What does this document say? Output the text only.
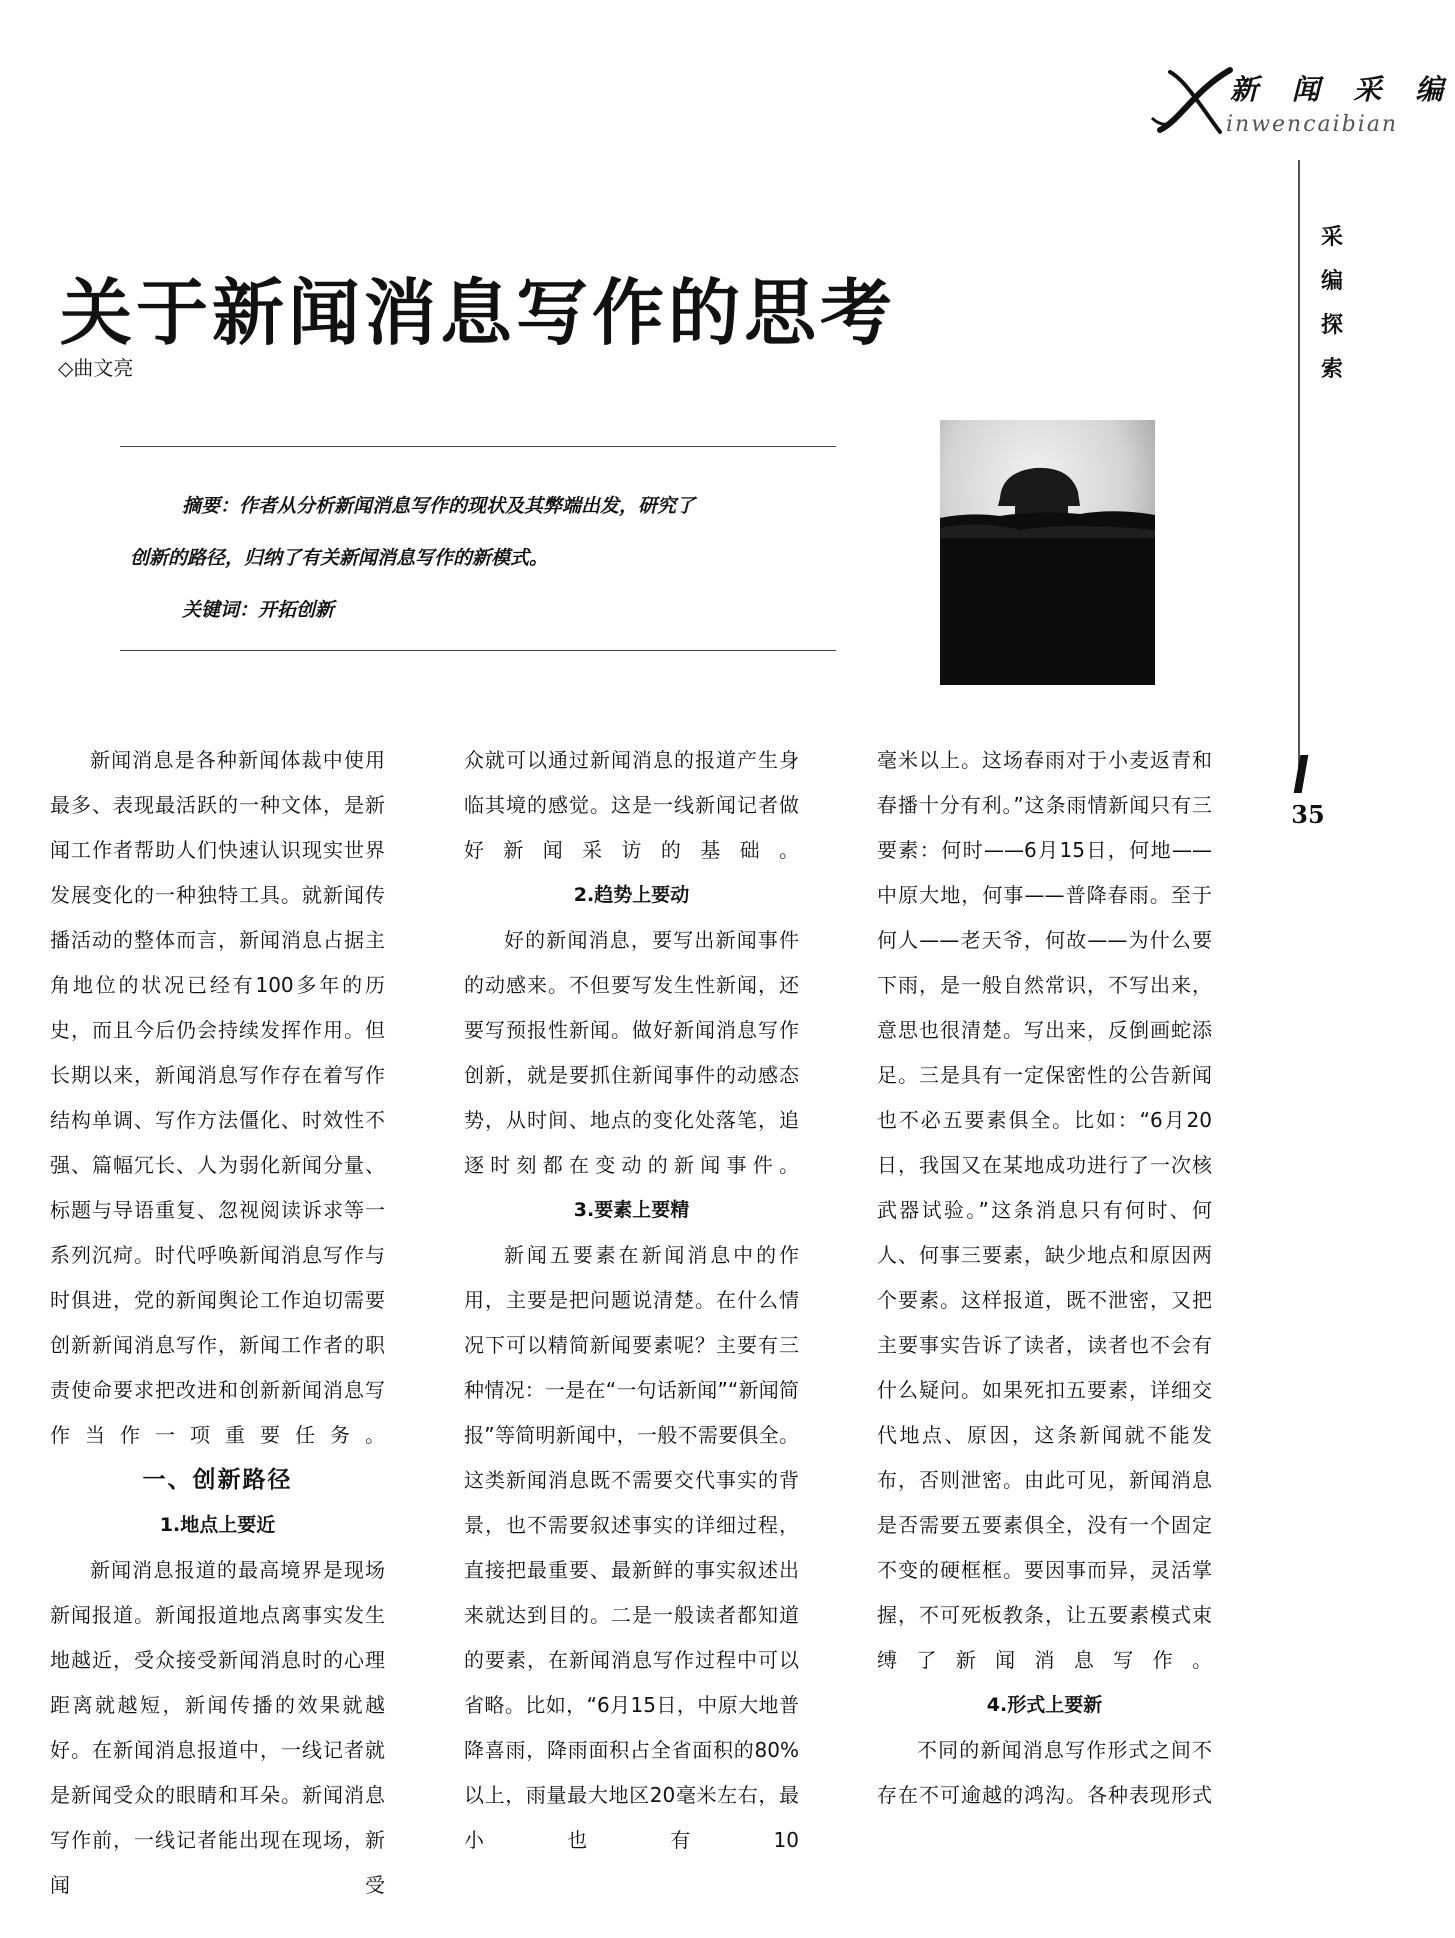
新 闻 采 编
inwencaibian
采
编
探
索
35
关于新闻消息写作的思考
◇曲文亮
摘要：作者从分析新闻消息写作的现状及其弊端出发，研究了
创新的路径，归纳了有关新闻消息写作的新模式。
关键词：开拓创新

新闻消息是各种新闻体裁中使用最多、表现最活跃的一种文体，是新闻工作者帮助人们快速认识现实世界发展变化的一种独特工具。就新闻传播活动的整体而言，新闻消息占据主角地位的状况已经有100多年的历史，而且今后仍会持续发挥作用。但长期以来，新闻消息写作存在着写作结构单调、写作方法僵化、时效性不强、篇幅冗长、人为弱化新闻分量、标题与导语重复、忽视阅读诉求等一系列沉疴。时代呼唤新闻消息写作与时俱进，党的新闻舆论工作迫切需要创新新闻消息写作，新闻工作者的职责使命要求把改进和创新新闻消息写作当作一项重要任务。

一、创新路径
1.地点上要近

新闻消息报道的最高境界是现场新闻报道。新闻报道地点离事实发生地越近，受众接受新闻消息时的心理距离就越短，新闻传播的效果就越好。在新闻消息报道中，一线记者就是新闻受众的眼睛和耳朵。新闻消息写作前，一线记者能出现在现场，新闻受

众就可以通过新闻消息的报道产生身临其境的感觉。这是一线新闻记者做好新闻采访的基础。

2.趋势上要动

好的新闻消息，要写出新闻事件的动感来。不但要写发生性新闻，还要写预报性新闻。做好新闻消息写作创新，就是要抓住新闻事件的动感态势，从时间、地点的变化处落笔，追逐时刻都在变动的新闻事件。

3.要素上要精

新闻五要素在新闻消息中的作用，主要是把问题说清楚。在什么情况下可以精简新闻要素呢？主要有三种情况：一是在“一句话新闻”“新闻简报”等简明新闻中，一般不需要俱全。这类新闻消息既不需要交代事实的背景，也不需要叙述事实的详细过程，直接把最重要、最新鲜的事实叙述出来就达到目的。二是一般读者都知道的要素，在新闻消息写作过程中可以省略。比如，“6月15日，中原大地普降喜雨，降雨面积占全省面积的80%以上，雨量最大地区20毫米左右，最小也有10

毫米以上。这场春雨对于小麦返青和春播十分有利。”这条雨情新闻只有三要素：何时——6月15日，何地——中原大地，何事——普降春雨。至于何人——老天爷，何故——为什么要下雨，是一般自然常识，不写出来，意思也很清楚。写出来，反倒画蛇添足。三是具有一定保密性的公告新闻也不必五要素俱全。比如：“6月20日，我国又在某地成功进行了一次核武器试验。”这条消息只有何时、何人、何事三要素，缺少地点和原因两个要素。这样报道，既不泄密，又把主要事实告诉了读者，读者也不会有什么疑问。如果死扣五要素，详细交代地点、原因，这条新闻就不能发布，否则泄密。由此可见，新闻消息是否需要五要素俱全，没有一个固定不变的硬框框。要因事而异，灵活掌握，不可死板教条，让五要素模式束缚了新闻消息写作。

4.形式上要新

不同的新闻消息写作形式之间不存在不可逾越的鸿沟。各种表现形式
